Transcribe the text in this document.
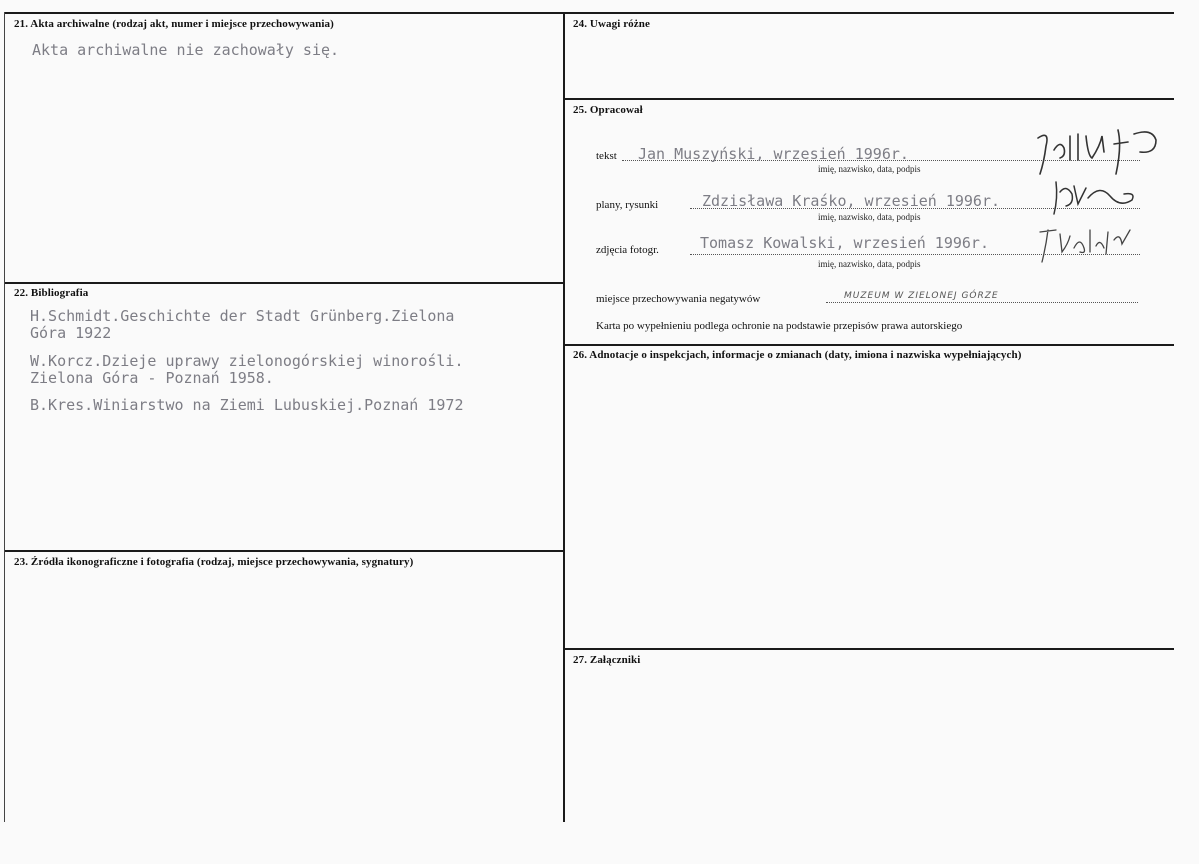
21. Akta archiwalne (rodzaj akt, numer i miejsce przechowywania)
Akta archiwalne nie zachowały się.
22. Bibliografia
H.Schmidt.Geschichte der Stadt Grünberg.Zielona
Góra 1922
W.Korcz.Dzieje uprawy zielonogórskiej winorośli.
Zielona Góra - Poznań 1958.
B.Kres.Winiarstwo na Ziemi Lubuskiej.Poznań 1972
23. Źródła ikonograficzne i fotografia (rodzaj, miejsce przechowywania, sygnatury)
24. Uwagi różne
25. Opracował
tekst Jan Muszyński, wrzesień 1996r.
imię, nazwisko, data, podpis
plany, rysunki	Zdzisława Kraśko, wrzesień 1996r.
imię, nazwisko, data, podpis
zdjęcia fotogr.	Tomasz Kowalski, wrzesień 1996r.
imię, nazwisko, data, podpis
miejsce przechowywania negatywów	MUZEUM W ZIELONEJ GÓRZE
Karta po wypełnieniu podlega ochronie na podstawie przepisów prawa autorskiego
26. Adnotacje o inspekcjach, informacje o zmianach (daty, imiona i nazwiska wypełniających)
27. Załączniki
